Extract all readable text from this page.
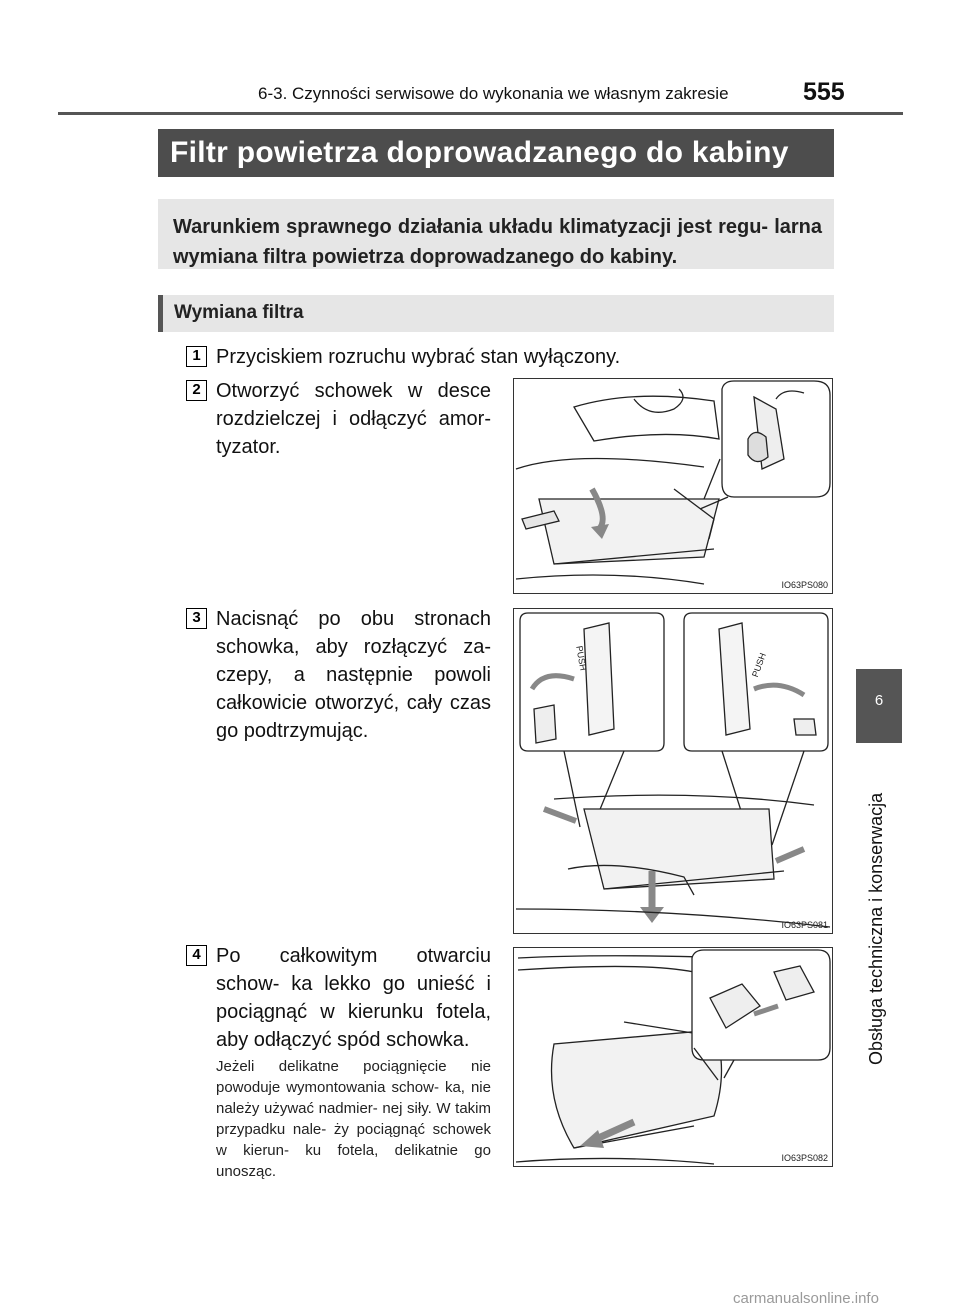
6-3. Czynności serwisowe do wykonania we własnym zakresie	555
Filtr powietrza doprowadzanego do kabiny

Warunkiem sprawnego działania układu klimatyzacji jest regu- larna wymiana filtra powietrza doprowadzanego do kabiny.

Wymiana filtra
1 Przyciskiem rozruchu wybrać stan wyłączony.
2 Otworzyć schowek w desce rozdzielczej i odłączyć amor- tyzator.
IO63PS080
3 Nacisnąć po obu stronach schowka, aby rozłączyć za- czepy, a następnie powoli całkowicie otworzyć, cały czas go podtrzymując.
PUSH	PUSH
IO63PS081
4 Po całkowitym otwarciu schow- ka lekko go unieść i pociągnąć w kierunku fotela, aby odłączyć spód schowka.
Jeżeli delikatne pociągnięcie nie powoduje wymontowania schow- ka, nie należy używać nadmier- nej siły. W takim przypadku nale- ży pociągnąć schowek w kierun- ku fotela, delikatnie go unosząc.
IO63PS082
6
Obsługa techniczna i konserwacja
carmanualsonline.info
